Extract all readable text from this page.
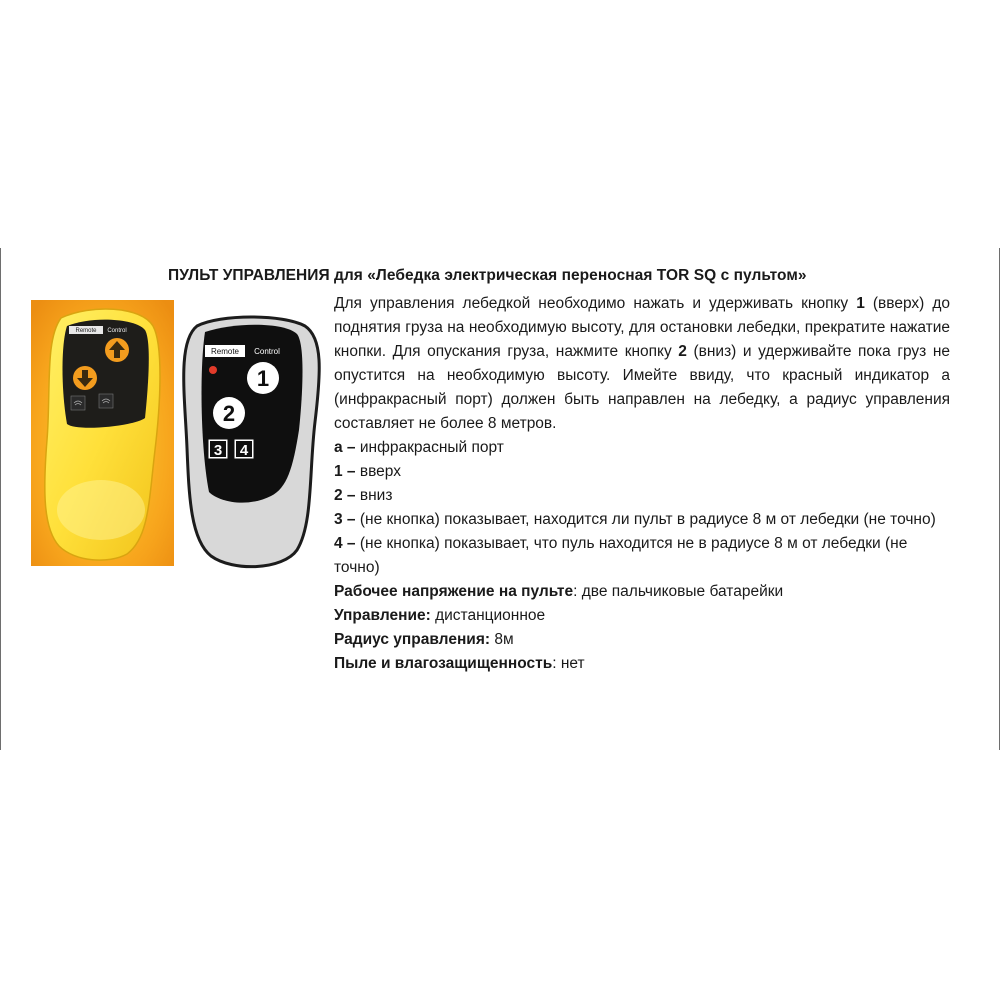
ПУЛЬТ УПРАВЛЕНИЯ для «Лебедка электрическая переносная TOR SQ с пультом»
Remote Control
Remote Control
1
2
3 4

Для управления лебедкой необходимо нажать и удерживать кнопку 1 (вверх) до поднятия груза на необходимую высоту, для остановки лебедки, прекратите нажатие кнопки. Для опускания груза, нажмите кнопку 2 (вниз) и удерживайте пока груз не опустится на необходимую высоту. Имейте ввиду, что красный индикатор а (инфракрасный порт) должен быть направлен на лебедку, а радиус управления составляет не более 8 метров.

а – инфракрасный порт

1 – вверх

2 – вниз

3 – (не кнопка) показывает, находится ли пульт в радиусе 8 м от лебедки (не точно)

4 – (не кнопка) показывает, что пуль находится не в радиусе 8 м от лебедки (не точно)

Рабочее напряжение на пульте: две пальчиковые батарейки

Управление: дистанционное

Радиус управления: 8м

Пыле и влагозащищенность: нет
